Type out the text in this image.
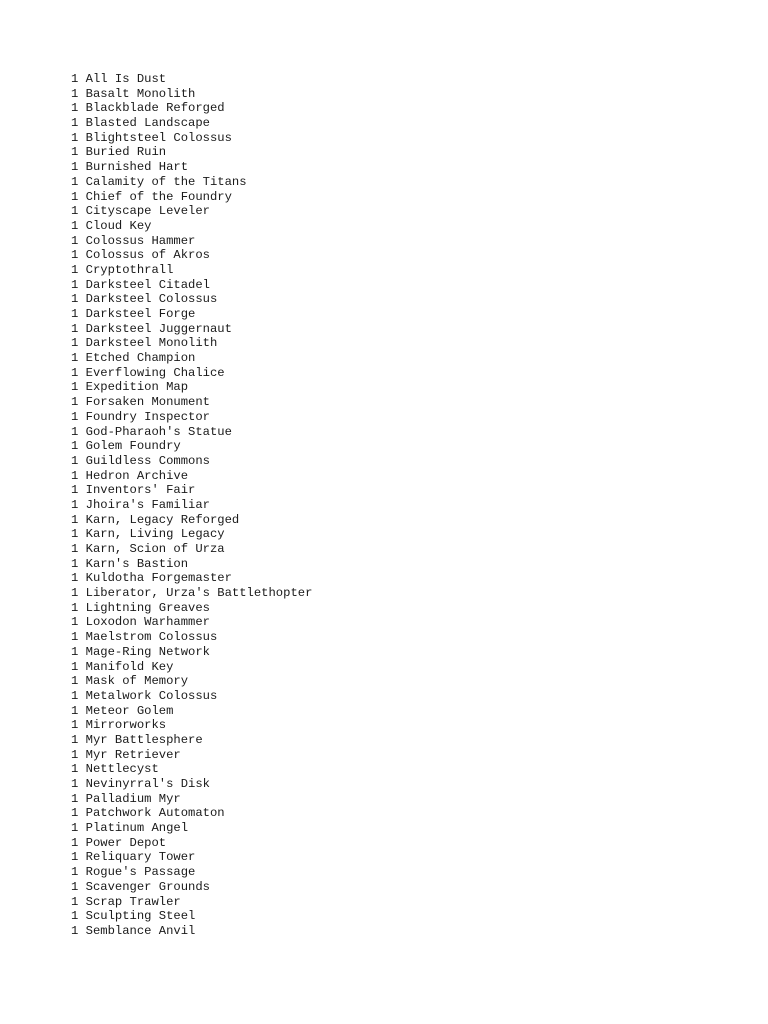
1 All Is Dust
1 Basalt Monolith
1 Blackblade Reforged
1 Blasted Landscape
1 Blightsteel Colossus
1 Buried Ruin
1 Burnished Hart
1 Calamity of the Titans
1 Chief of the Foundry
1 Cityscape Leveler
1 Cloud Key
1 Colossus Hammer
1 Colossus of Akros
1 Cryptothrall
1 Darksteel Citadel
1 Darksteel Colossus
1 Darksteel Forge
1 Darksteel Juggernaut
1 Darksteel Monolith
1 Etched Champion
1 Everflowing Chalice
1 Expedition Map
1 Forsaken Monument
1 Foundry Inspector
1 God-Pharaoh's Statue
1 Golem Foundry
1 Guildless Commons
1 Hedron Archive
1 Inventors' Fair
1 Jhoira's Familiar
1 Karn, Legacy Reforged
1 Karn, Living Legacy
1 Karn, Scion of Urza
1 Karn's Bastion
1 Kuldotha Forgemaster
1 Liberator, Urza's Battlethopter
1 Lightning Greaves
1 Loxodon Warhammer
1 Maelstrom Colossus
1 Mage-Ring Network
1 Manifold Key
1 Mask of Memory
1 Metalwork Colossus
1 Meteor Golem
1 Mirrorworks
1 Myr Battlesphere
1 Myr Retriever
1 Nettlecyst
1 Nevinyrral's Disk
1 Palladium Myr
1 Patchwork Automaton
1 Platinum Angel
1 Power Depot
1 Reliquary Tower
1 Rogue's Passage
1 Scavenger Grounds
1 Scrap Trawler
1 Sculpting Steel
1 Semblance Anvil
